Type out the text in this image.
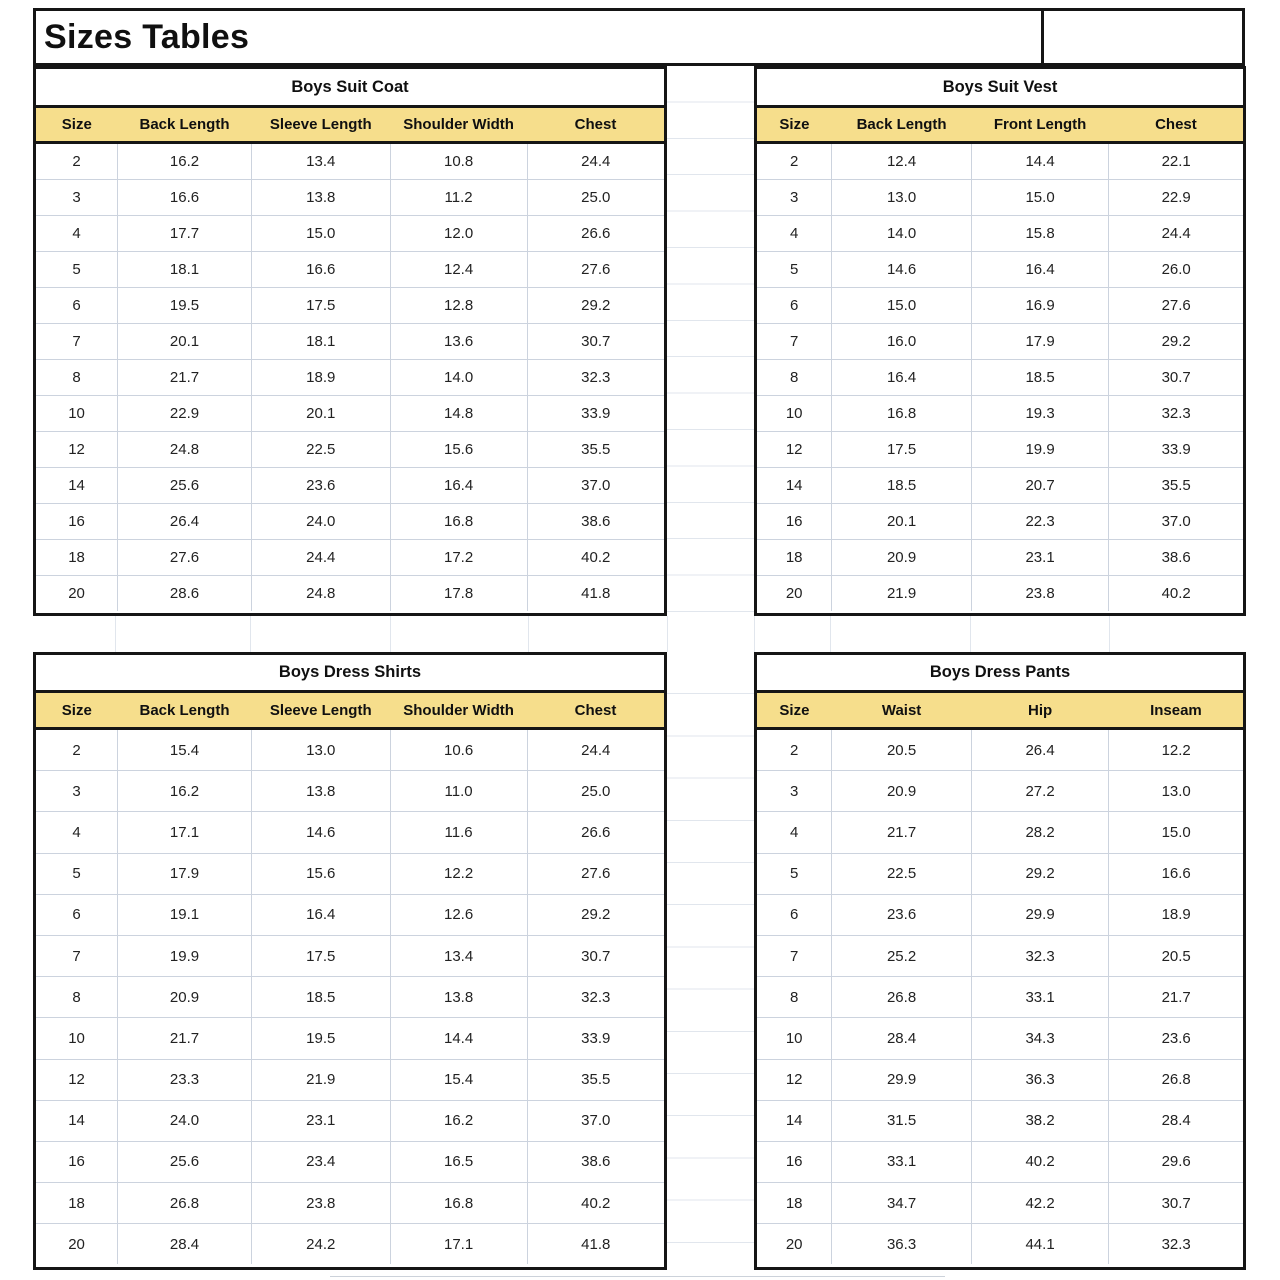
Sizes Tables
Boys Suit Coat
Size	Back Length	Sleeve Length	Shoulder Width	Chest
2	16.2	13.4	10.8	24.4
3	16.6	13.8	11.2	25.0
4	17.7	15.0	12.0	26.6
5	18.1	16.6	12.4	27.6
6	19.5	17.5	12.8	29.2
7	20.1	18.1	13.6	30.7
8	21.7	18.9	14.0	32.3
10	22.9	20.1	14.8	33.9
12	24.8	22.5	15.6	35.5
14	25.6	23.6	16.4	37.0
16	26.4	24.0	16.8	38.6
18	27.6	24.4	17.2	40.2
20	28.6	24.8	17.8	41.8
Boys Suit Vest
Size	Back Length	Front Length	Chest
2	12.4	14.4	22.1
3	13.0	15.0	22.9
4	14.0	15.8	24.4
5	14.6	16.4	26.0
6	15.0	16.9	27.6
7	16.0	17.9	29.2
8	16.4	18.5	30.7
10	16.8	19.3	32.3
12	17.5	19.9	33.9
14	18.5	20.7	35.5
16	20.1	22.3	37.0
18	20.9	23.1	38.6
20	21.9	23.8	40.2
Boys Dress Shirts
Size	Back Length	Sleeve Length	Shoulder Width	Chest
2	15.4	13.0	10.6	24.4
3	16.2	13.8	11.0	25.0
4	17.1	14.6	11.6	26.6
5	17.9	15.6	12.2	27.6
6	19.1	16.4	12.6	29.2
7	19.9	17.5	13.4	30.7
8	20.9	18.5	13.8	32.3
10	21.7	19.5	14.4	33.9
12	23.3	21.9	15.4	35.5
14	24.0	23.1	16.2	37.0
16	25.6	23.4	16.5	38.6
18	26.8	23.8	16.8	40.2
20	28.4	24.2	17.1	41.8
Boys Dress Pants
Size	Waist	Hip	Inseam
2	20.5	26.4	12.2
3	20.9	27.2	13.0
4	21.7	28.2	15.0
5	22.5	29.2	16.6
6	23.6	29.9	18.9
7	25.2	32.3	20.5
8	26.8	33.1	21.7
10	28.4	34.3	23.6
12	29.9	36.3	26.8
14	31.5	38.2	28.4
16	33.1	40.2	29.6
18	34.7	42.2	30.7
20	36.3	44.1	32.3
